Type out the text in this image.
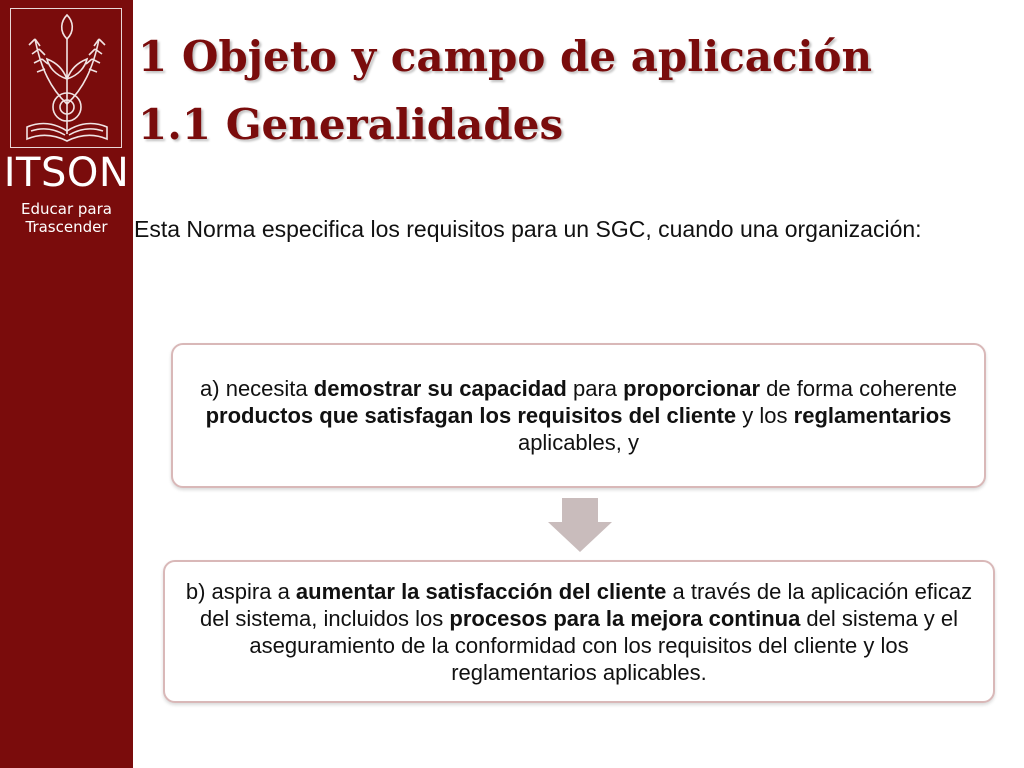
ITSON
Educar para
Trascender
1 Objeto y campo de aplicación
1.1 Generalidades
Esta Norma especifica los requisitos para un SGC, cuando una organización:
a) necesita demostrar su capacidad para proporcionar de forma coherente productos que satisfagan los requisitos del cliente y los reglamentarios aplicables, y
b) aspira a aumentar la satisfacción del cliente a través de la aplicación eficaz del sistema, incluidos los procesos para la mejora continua del sistema y el aseguramiento de la conformidad con los requisitos del cliente y los reglamentarios aplicables.
